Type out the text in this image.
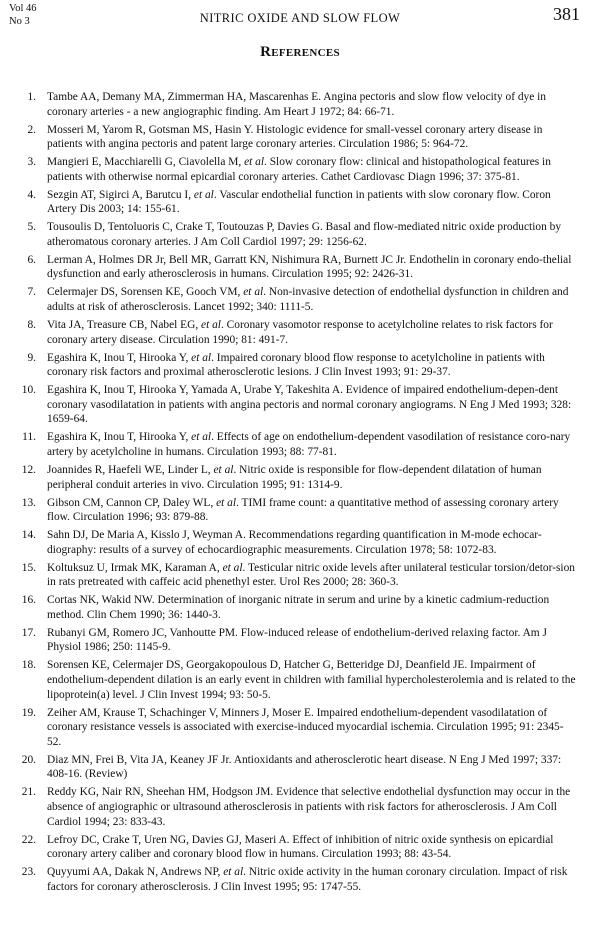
Vol 46
No 3	NITRIC OXIDE AND SLOW FLOW	381
References
1. Tambe AA, Demany MA, Zimmerman HA, Mascarenhas E. Angina pectoris and slow flow velocity of dye in coronary arteries - a new angiographic finding. Am Heart J 1972; 84: 66-71.
2. Mosseri M, Yarom R, Gotsman MS, Hasin Y. Histologic evidence for small-vessel coronary artery disease in patients with angina pectoris and patent large coronary arteries. Circulation 1986; 5: 964-72.
3. Mangieri E, Macchiarelli G, Ciavolella M, et al. Slow coronary flow: clinical and histopathological features in patients with otherwise normal epicardial coronary arteries. Cathet Cardiovasc Diagn 1996; 37: 375-81.
4. Sezgin AT, Sigirci A, Barutcu I, et al. Vascular endothelial function in patients with slow coronary flow. Coron Artery Dis 2003; 14: 155-61.
5. Tousoulis D, Tentoluoris C, Crake T, Toutouzas P, Davies G. Basal and flow-mediated nitric oxide production by atheromatous coronary arteries. J Am Coll Cardiol 1997; 29: 1256-62.
6. Lerman A, Holmes DR Jr, Bell MR, Garratt KN, Nishimura RA, Burnett JC Jr. Endothelin in coronary endo-thelial dysfunction and early atherosclerosis in humans. Circulation 1995; 92: 2426-31.
7. Celermajer DS, Sorensen KE, Gooch VM, et al. Non-invasive detection of endothelial dysfunction in children and adults at risk of atherosclerosis. Lancet 1992; 340: 1111-5.
8. Vita JA, Treasure CB, Nabel EG, et al. Coronary vasomotor response to acetylcholine relates to risk factors for coronary artery disease. Circulation 1990; 81: 491-7.
9. Egashira K, Inou T, Hirooka Y, et al. Impaired coronary blood flow response to acetylcholine in patients with coronary risk factors and proximal atherosclerotic lesions. J Clin Invest 1993; 91: 29-37.
10. Egashira K, Inou T, Hirooka Y, Yamada A, Urabe Y, Takeshita A. Evidence of impaired endothelium-depen-dent coronary vasodilatation in patients with angina pectoris and normal coronary angiograms. N Eng J Med 1993; 328: 1659-64.
11. Egashira K, Inou T, Hirooka Y, et al. Effects of age on endothelium-dependent vasodilation of resistance coro-nary artery by acetylcholine in humans. Circulation 1993; 88: 77-81.
12. Joannides R, Haefeli WE, Linder L, et al. Nitric oxide is responsible for flow-dependent dilatation of human peripheral conduit arteries in vivo. Circulation 1995; 91: 1314-9.
13. Gibson CM, Cannon CP, Daley WL, et al. TIMI frame count: a quantitative method of assessing coronary artery flow. Circulation 1996; 93: 879-88.
14. Sahn DJ, De Maria A, Kisslo J, Weyman A. Recommendations regarding quantification in M-mode echocar-diography: results of a survey of echocardiographic measurements. Circulation 1978; 58: 1072-83.
15. Koltuksuz U, Irmak MK, Karaman A, et al. Testicular nitric oxide levels after unilateral testicular torsion/detor-sion in rats pretreated with caffeic acid phenethyl ester. Urol Res 2000; 28: 360-3.
16. Cortas NK, Wakid NW. Determination of inorganic nitrate in serum and urine by a kinetic cadmium-reduction method. Clin Chem 1990; 36: 1440-3.
17. Rubanyi GM, Romero JC, Vanhoutte PM. Flow-induced release of endothelium-derived relaxing factor. Am J Physiol 1986; 250: 1145-9.
18. Sorensen KE, Celermajer DS, Georgakopoulous D, Hatcher G, Betteridge DJ, Deanfield JE. Impairment of endothelium-dependent dilation is an early event in children with familial hypercholesterolemia and is related to the lipoprotein(a) level. J Clin Invest 1994; 93: 50-5.
19. Zeiher AM, Krause T, Schachinger V, Minners J, Moser E. Impaired endothelium-dependent vasodilatation of coronary resistance vessels is associated with exercise-induced myocardial ischemia. Circulation 1995; 91: 2345-52.
20. Diaz MN, Frei B, Vita JA, Keaney JF Jr. Antioxidants and atherosclerotic heart disease. N Eng J Med 1997; 337: 408-16. (Review)
21. Reddy KG, Nair RN, Sheehan HM, Hodgson JM. Evidence that selective endothelial dysfunction may occur in the absence of angiographic or ultrasound atherosclerosis in patients with risk factors for atherosclerosis. J Am Coll Cardiol 1994; 23: 833-43.
22. Lefroy DC, Crake T, Uren NG, Davies GJ, Maseri A. Effect of inhibition of nitric oxide synthesis on epicardial coronary artery caliber and coronary blood flow in humans. Circulation 1993; 88: 43-54.
23. Quyyumi AA, Dakak N, Andrews NP, et al. Nitric oxide activity in the human coronary circulation. Impact of risk factors for coronary atherosclerosis. J Clin Invest 1995; 95: 1747-55.
